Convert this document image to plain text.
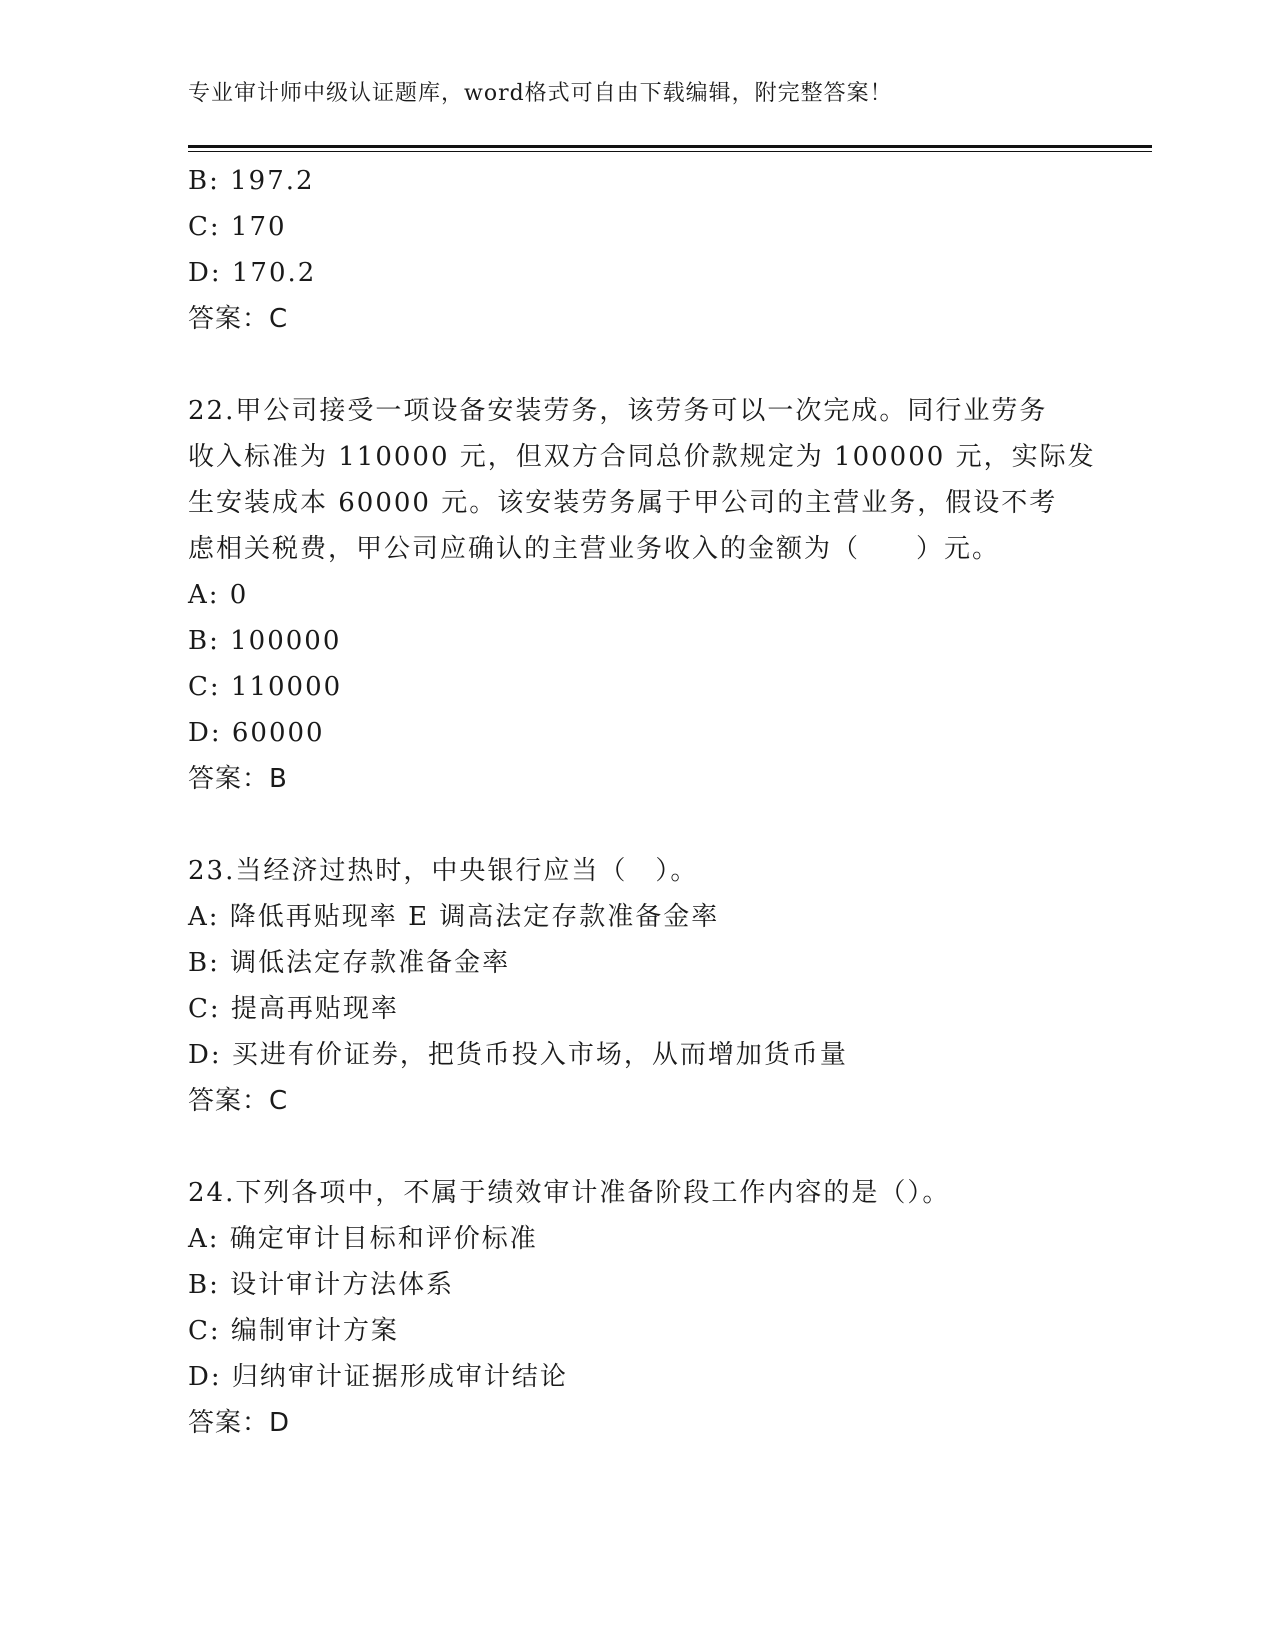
专业审计师中级认证题库，word格式可自由下载编辑，附完整答案！
B: 197.2
C: 170
D: 170.2
答案：C
22.甲公司接受一项设备安装劳务，该劳务可以一次完成。同行业劳务
收入标准为 110000 元，但双方合同总价款规定为 100000 元，实际发
生安装成本 60000 元。该安装劳务属于甲公司的主营业务，假设不考
虑相关税费，甲公司应确认的主营业务收入的金额为（　　）元。
A: 0
B: 100000
C: 110000
D: 60000
答案：B
23.当经济过热时，中央银行应当（　）。
A: 降低再贴现率 E 调高法定存款准备金率
B: 调低法定存款准备金率
C: 提高再贴现率
D: 买进有价证券，把货币投入市场，从而增加货币量
答案：C
24.下列各项中，不属于绩效审计准备阶段工作内容的是（）。
A: 确定审计目标和评价标准
B: 设计审计方法体系
C: 编制审计方案
D: 归纳审计证据形成审计结论
答案：D
